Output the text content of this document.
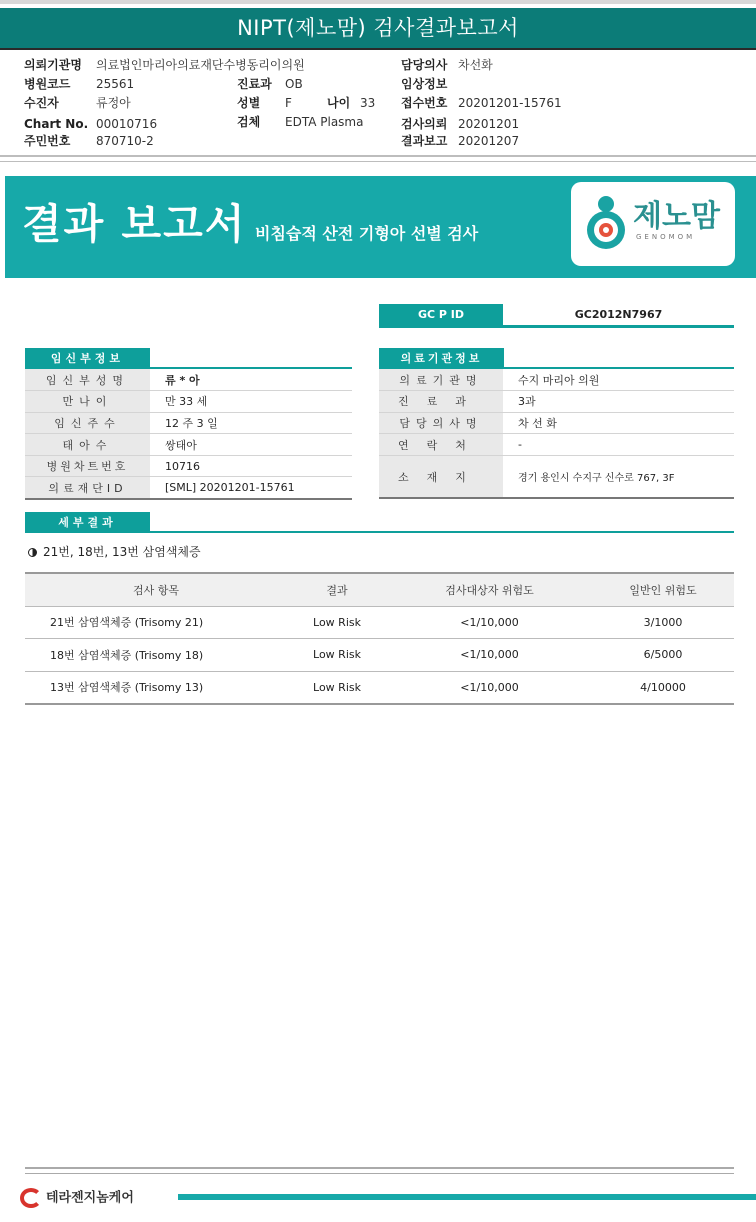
NIPT(제노맘) 검사결과보고서
의뢰기관명 의료법인마리아의료재단수병동리이의원
병원코드 25561
수진자	류정아
Chart No. 00010716
주민번호 870710-2
진료과 OB
성별 F	나이 33
검체 EDTA Plasma
담당의사 차선화
임상정보
접수번호 20201201-15761
검사의뢰 20201201
결과보고 20201207
결과 보고서 비침습적 산전 기형아 선별 검사	제노맘
GENOMOM
GC P ID	GC2012N7967
임신부정보
임신부성명	류 * 아
만나이	만 33 세
임신주수	12 주 3 일
태아수	쌍태아
병원차트번호	10716
의료재단ID	[SML] 20201201-15761
의료기관정보
의료기관명	수지 마리아 의원
진료과	3과
담당의사명	차 선 화
연락처	-
소재지	경기 용인시 수지구 신수로 767, 3F
세부결과
21번, 18번, 13번 삼염색체증
검사 항목	결과	검사대상자 위험도	일반인 위험도
21번 삼염색체증 (Trisomy 21)	Low Risk	<1/10,000	3/1000
18번 삼염색체증 (Trisomy 18)	Low Risk	<1/10,000	6/5000
13번 삼염색체증 (Trisomy 13)	Low Risk	<1/10,000	4/10000
테라젠지놈케어
